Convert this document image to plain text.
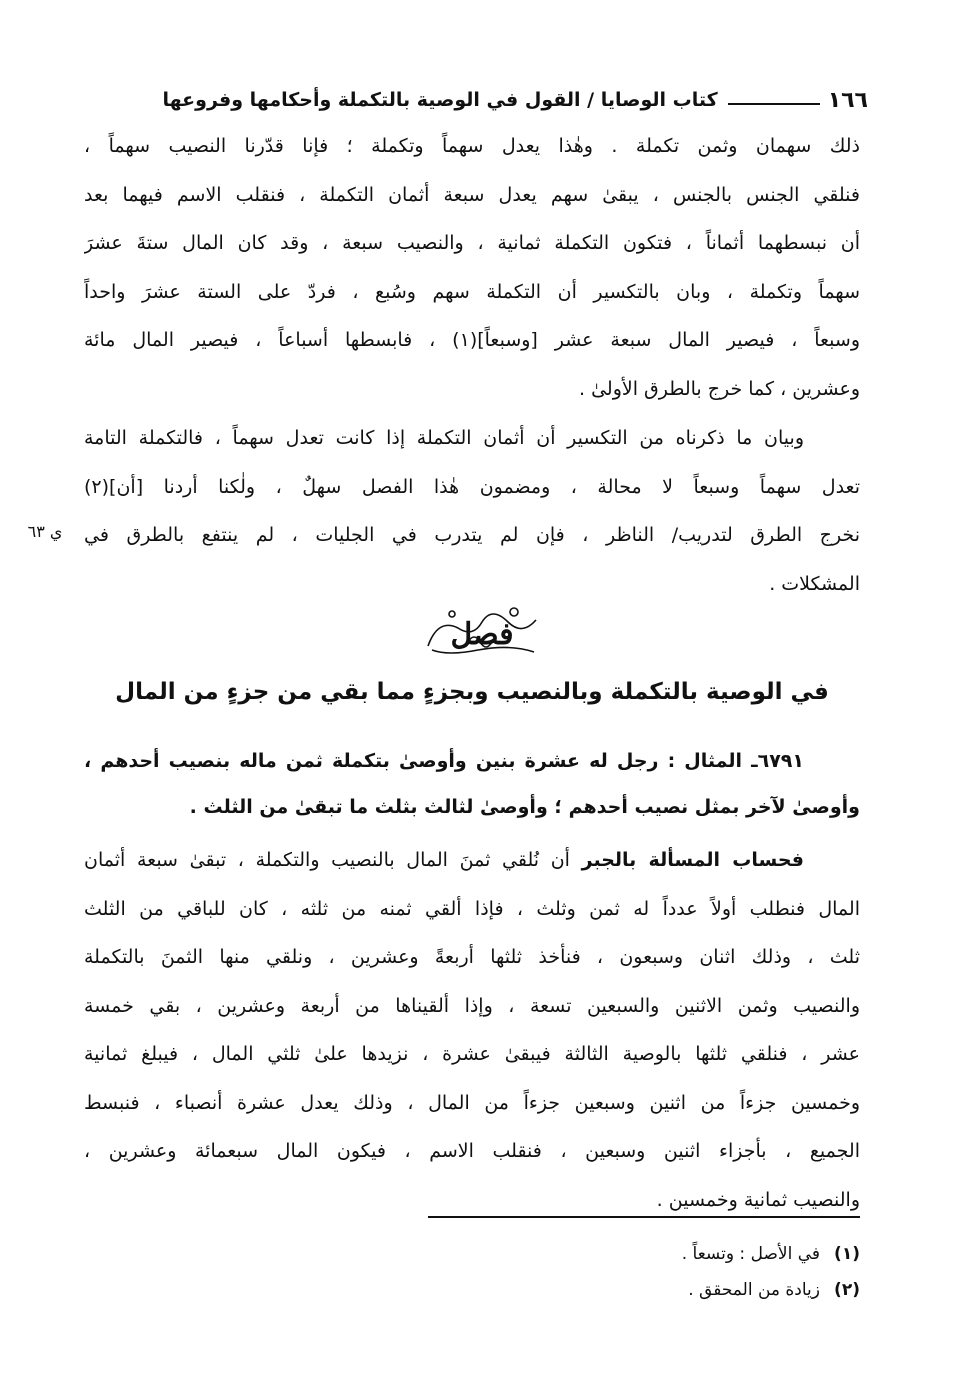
١٦٦
كتاب الوصايا / القول في الوصية بالتكملة وأحكامها وفروعها
ذلك سهمان وثمن تكملة . وهٰذا يعدل سهماً وتكملة ؛ فإنا قدّرنا النصيب سهماً ،
فنلقي الجنس بالجنس ، يبقىٰ سهم يعدل سبعة أثمان التكملة ، فنقلب الاسم فيهما بعد
أن نبسطهما أثماناً ، فتكون التكملة ثمانية ، والنصيب سبعة ، وقد كان المال ستةَ عشرَ
سهماً وتكملة ، وبان بالتكسير أن التكملة سهم وسُبع ، فردّ على الستة عشرَ واحداً
وسبعاً ، فيصير المال سبعة عشر [وسبعاً](١) ، فابسطها أسباعاً ، فيصير المال مائة
وعشرين ، كما خرج بالطرق الأولىٰ .
وبيان ما ذكرناه من التكسير أن أثمان التكملة إذا كانت تعدل سهماً ، فالتكملة التامة
تعدل سهماً وسبعاً لا محالة ، ومضمون هٰذا الفصل سهلٌ ، ولٰكنا أردنا [أن](٢)
نخرج الطرق لتدريب/ الناظر ، فإن لم يتدرب في الجليات ، لم ينتفع بالطرق في
المشكلات .
ي ٦٣
فصل
في الوصية بالتكملة وبالنصيب وبجزءٍ مما بقي من جزءٍ من المال
٦٧٩١ـ المثال : رجل له عشرة بنين وأوصىٰ بتكملة ثمن ماله بنصيب أحدهم ،
وأوصىٰ لآخر بمثل نصيب أحدهم ؛ وأوصىٰ لثالث بثلث ما تبقىٰ من الثلث .
فحساب المسألة بالجبر أن نُلقي ثمنَ المال بالنصيب والتكملة ، تبقىٰ سبعة أثمان
المال فنطلب أولاً عدداً له ثمن وثلث ، فإذا ألقي ثمنه من ثلثه ، كان للباقي من الثلث
ثلث ، وذلك اثنان وسبعون ، فنأخذ ثلثها أربعةً وعشرين ، ونلقي منها الثمنَ بالتكملة
والنصيب وثمن الاثنين والسبعين تسعة ، وإذا ألقيناها من أربعة وعشرين ، بقي خمسة
عشر ، فنلقي ثلثها بالوصية الثالثة فيبقىٰ عشرة ، نزيدها علىٰ ثلثي المال ، فيبلغ ثمانية
وخمسين جزءاً من اثنين وسبعين جزءاً من المال ، وذلك يعدل عشرة أنصباء ، فنبسط
الجميع ، بأجزاء اثنين وسبعين ، فنقلب الاسم ، فيكون المال سبعمائة وعشرين ،
والنصيب ثمانية وخمسين .
(١)
في الأصل : وتسعاً .
(٢)
زيادة من المحقق .
